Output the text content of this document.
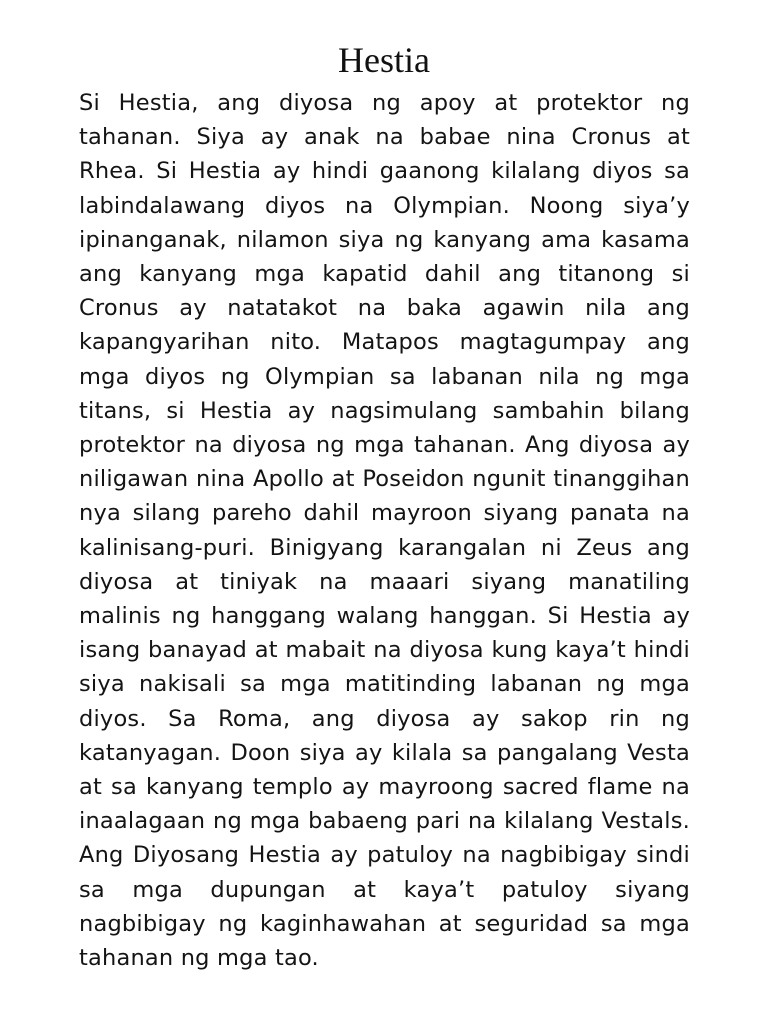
Hestia

Si Hestia, ang diyosa ng apoy at protektor ng tahanan. Siya ay anak na babae nina Cronus at Rhea. Si Hestia ay hindi gaanong kilalang diyos sa labindalawang diyos na Olympian. Noong siya’y ipinanganak, nilamon siya ng kanyang ama kasama ang kanyang mga kapatid dahil ang titanong si Cronus ay natatakot na baka agawin nila ang kapangyarihan nito. Matapos magtagumpay ang mga diyos ng Olympian sa labanan nila ng mga titans, si Hestia ay nagsimulang sambahin bilang protektor na diyosa ng mga tahanan. Ang diyosa ay niligawan nina Apollo at Poseidon ngunit tinanggihan nya silang pareho dahil mayroon siyang panata na kalinisang-puri. Binigyang karangalan ni Zeus ang diyosa at tiniyak na maaari siyang manatiling malinis ng hanggang walang hanggan. Si Hestia ay isang banayad at mabait na diyosa kung kaya’t hindi siya nakisali sa mga matitinding labanan ng mga diyos. Sa Roma, ang diyosa ay sakop rin ng katanyagan. Doon siya ay kilala sa pangalang Vesta at sa kanyang templo ay mayroong sacred flame na inaalagaan ng mga babaeng pari na kilalang Vestals. Ang Diyosang Hestia ay patuloy na nagbibigay sindi sa mga dupungan at kaya’t patuloy siyang nagbibigay ng kaginhawahan at seguridad sa mga tahanan ng mga tao.
